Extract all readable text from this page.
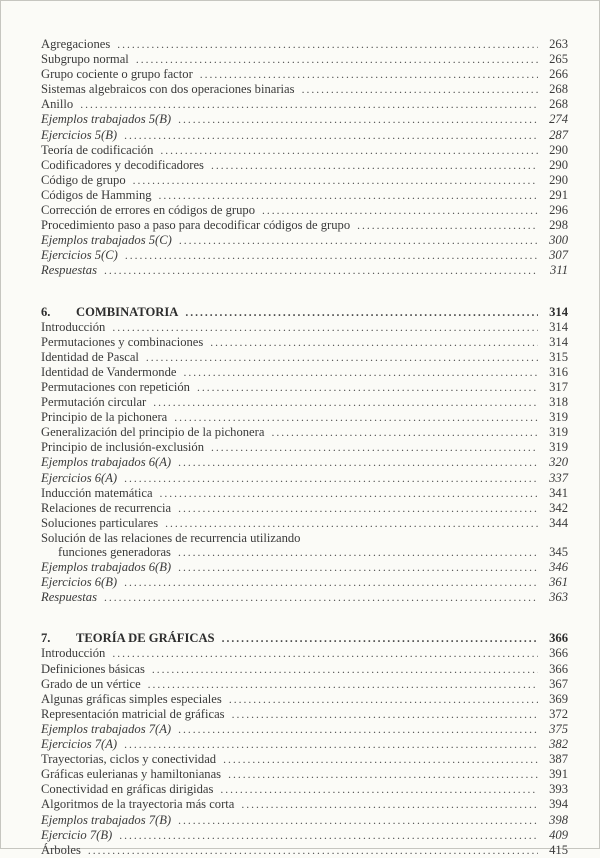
Agregaciones .....	263
Subgrupo normal .....	265
Grupo cociente o grupo factor .....	266
Sistemas algebraicos con dos operaciones binarias .....	268
Anillo .....	268
Ejemplos trabajados 5(B) .....	274
Ejercicios 5(B) .....	287
Teoría de codificación .....	290
Codificadores y decodificadores .....	290
Código de grupo .....	290
Códigos de Hamming .....	291
Corrección de errores en códigos de grupo .....	296
Procedimiento paso a paso para decodificar códigos de grupo .....	298
Ejemplos trabajados 5(C) .....	300
Ejercicios 5(C) .....	307
Respuestas .....	311
6. COMBINATORIA .....	314
Introducción .....	314
Permutaciones y combinaciones .....	314
Identidad de Pascal .....	315
Identidad de Vandermonde .....	316
Permutaciones con repetición .....	317
Permutación circular .....	318
Principio de la pichonera .....	319
Generalización del principio de la pichonera .....	319
Principio de inclusión-exclusión .....	319
Ejemplos trabajados 6(A) .....	320
Ejercicios 6(A) .....	337
Inducción matemática .....	341
Relaciones de recurrencia .....	342
Soluciones particulares .....	344
Solución de las relaciones de recurrencia utilizando
funciones generadoras .....	345
Ejemplos trabajados 6(B) .....	346
Ejercicios 6(B) .....	361
Respuestas .....	363
7. TEORÍA DE GRÁFICAS .....	366
Introducción .....	366
Definiciones básicas .....	366
Grado de un vértice .....	367
Algunas gráficas simples especiales .....	369
Representación matricial de gráficas .....	372
Ejemplos trabajados 7(A) .....	375
Ejercicios 7(A) .....	382
Trayectorias, ciclos y conectividad .....	387
Gráficas eulerianas y hamiltonianas .....	391
Conectividad en gráficas dirigidas .....	393
Algoritmos de la trayectoria más corta .....	394
Ejemplos trabajados 7(B) .....	398
Ejercicio 7(B) .....	409
Árboles .....	415
